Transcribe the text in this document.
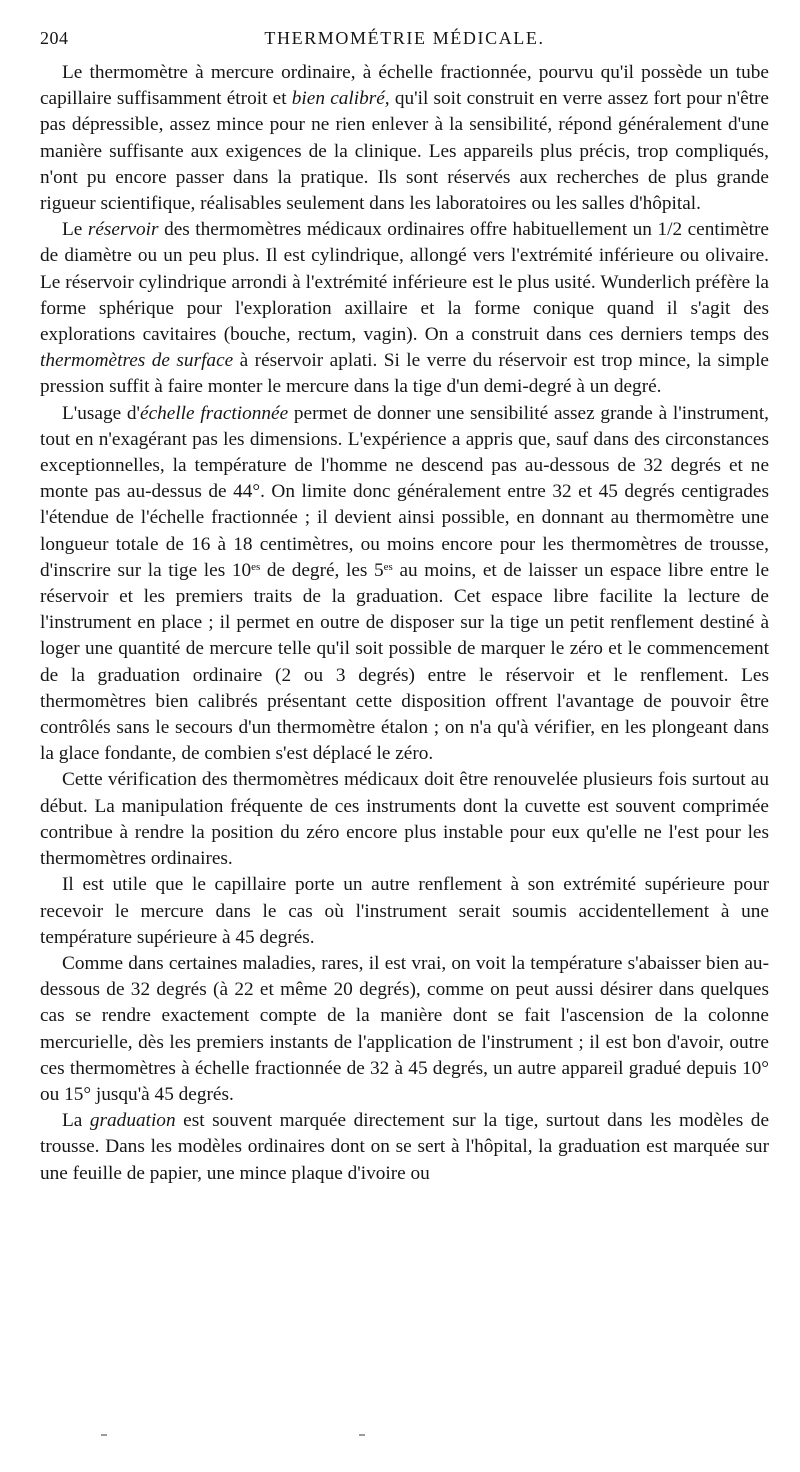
204	THERMOMÉTRIE MÉDICALE.

Le thermomètre à mercure ordinaire, à échelle fractionnée, pourvu qu'il possède un tube capillaire suffisamment étroit et bien calibré, qu'il soit construit en verre assez fort pour n'être pas dépressible, assez mince pour ne rien enlever à la sensibilité, répond généralement d'une manière suffisante aux exigences de la clinique. Les appareils plus précis, trop compliqués, n'ont pu encore passer dans la pratique. Ils sont réservés aux recherches de plus grande rigueur scientifique, réalisables seulement dans les laboratoires ou les salles d'hôpital.

Le réservoir des thermomètres médicaux ordinaires offre habituellement un 1/2 centimètre de diamètre ou un peu plus. Il est cylindrique, allongé vers l'extrémité inférieure ou olivaire. Le réservoir cylindrique arrondi à l'extrémité inférieure est le plus usité. Wunderlich préfère la forme sphérique pour l'exploration axillaire et la forme conique quand il s'agit des explorations cavitaires (bouche, rectum, vagin). On a construit dans ces derniers temps des thermomètres de surface à réservoir aplati. Si le verre du réservoir est trop mince, la simple pression suffit à faire monter le mercure dans la tige d'un demi-degré à un degré.

L'usage d'échelle fractionnée permet de donner une sensibilité assez grande à l'instrument, tout en n'exagérant pas les dimensions. L'expérience a appris que, sauf dans des circonstances exceptionnelles, la température de l'homme ne descend pas au-dessous de 32 degrés et ne monte pas au-dessus de 44°. On limite donc généralement entre 32 et 45 degrés centigrades l'étendue de l'échelle fractionnée ; il devient ainsi possible, en donnant au thermomètre une longueur totale de 16 à 18 centimètres, ou moins encore pour les thermomètres de trousse, d'inscrire sur la tige les $10^{es}$ de degré, les $5^{es}$ au moins, et de laisser un espace libre entre le réservoir et les premiers traits de la graduation. Cet espace libre facilite la lecture de l'instrument en place ; il permet en outre de disposer sur la tige un petit renflement destiné à loger une quantité de mercure telle qu'il soit possible de marquer le zéro et le commencement de la graduation ordinaire (2 ou 3 degrés) entre le réservoir et le renflement. Les thermomètres bien calibrés présentant cette disposition offrent l'avantage de pouvoir être contrôlés sans le secours d'un thermomètre étalon ; on n'a qu'à vérifier, en les plongeant dans la glace fondante, de combien s'est déplacé le zéro.

Cette vérification des thermomètres médicaux doit être renouvelée plusieurs fois surtout au début. La manipulation fréquente de ces instruments dont la cuvette est souvent comprimée contribue à rendre la position du zéro encore plus instable pour eux qu'elle ne l'est pour les thermomètres ordinaires.

Il est utile que le capillaire porte un autre renflement à son extrémité supérieure pour recevoir le mercure dans le cas où l'instrument serait soumis accidentellement à une température supérieure à 45 degrés.

Comme dans certaines maladies, rares, il est vrai, on voit la température s'abaisser bien au-dessous de 32 degrés (à 22 et même 20 degrés), comme on peut aussi désirer dans quelques cas se rendre exactement compte de la manière dont se fait l'ascension de la colonne mercurielle, dès les premiers instants de l'application de l'instrument ; il est bon d'avoir, outre ces thermomètres à échelle fractionnée de 32 à 45 degrés, un autre appareil gradué depuis 10° ou 15° jusqu'à 45 degrés.

La graduation est souvent marquée directement sur la tige, surtout dans les modèles de trousse. Dans les modèles ordinaires dont on se sert à l'hôpital, la graduation est marquée sur une feuille de papier, une mince plaque d'ivoire ou
